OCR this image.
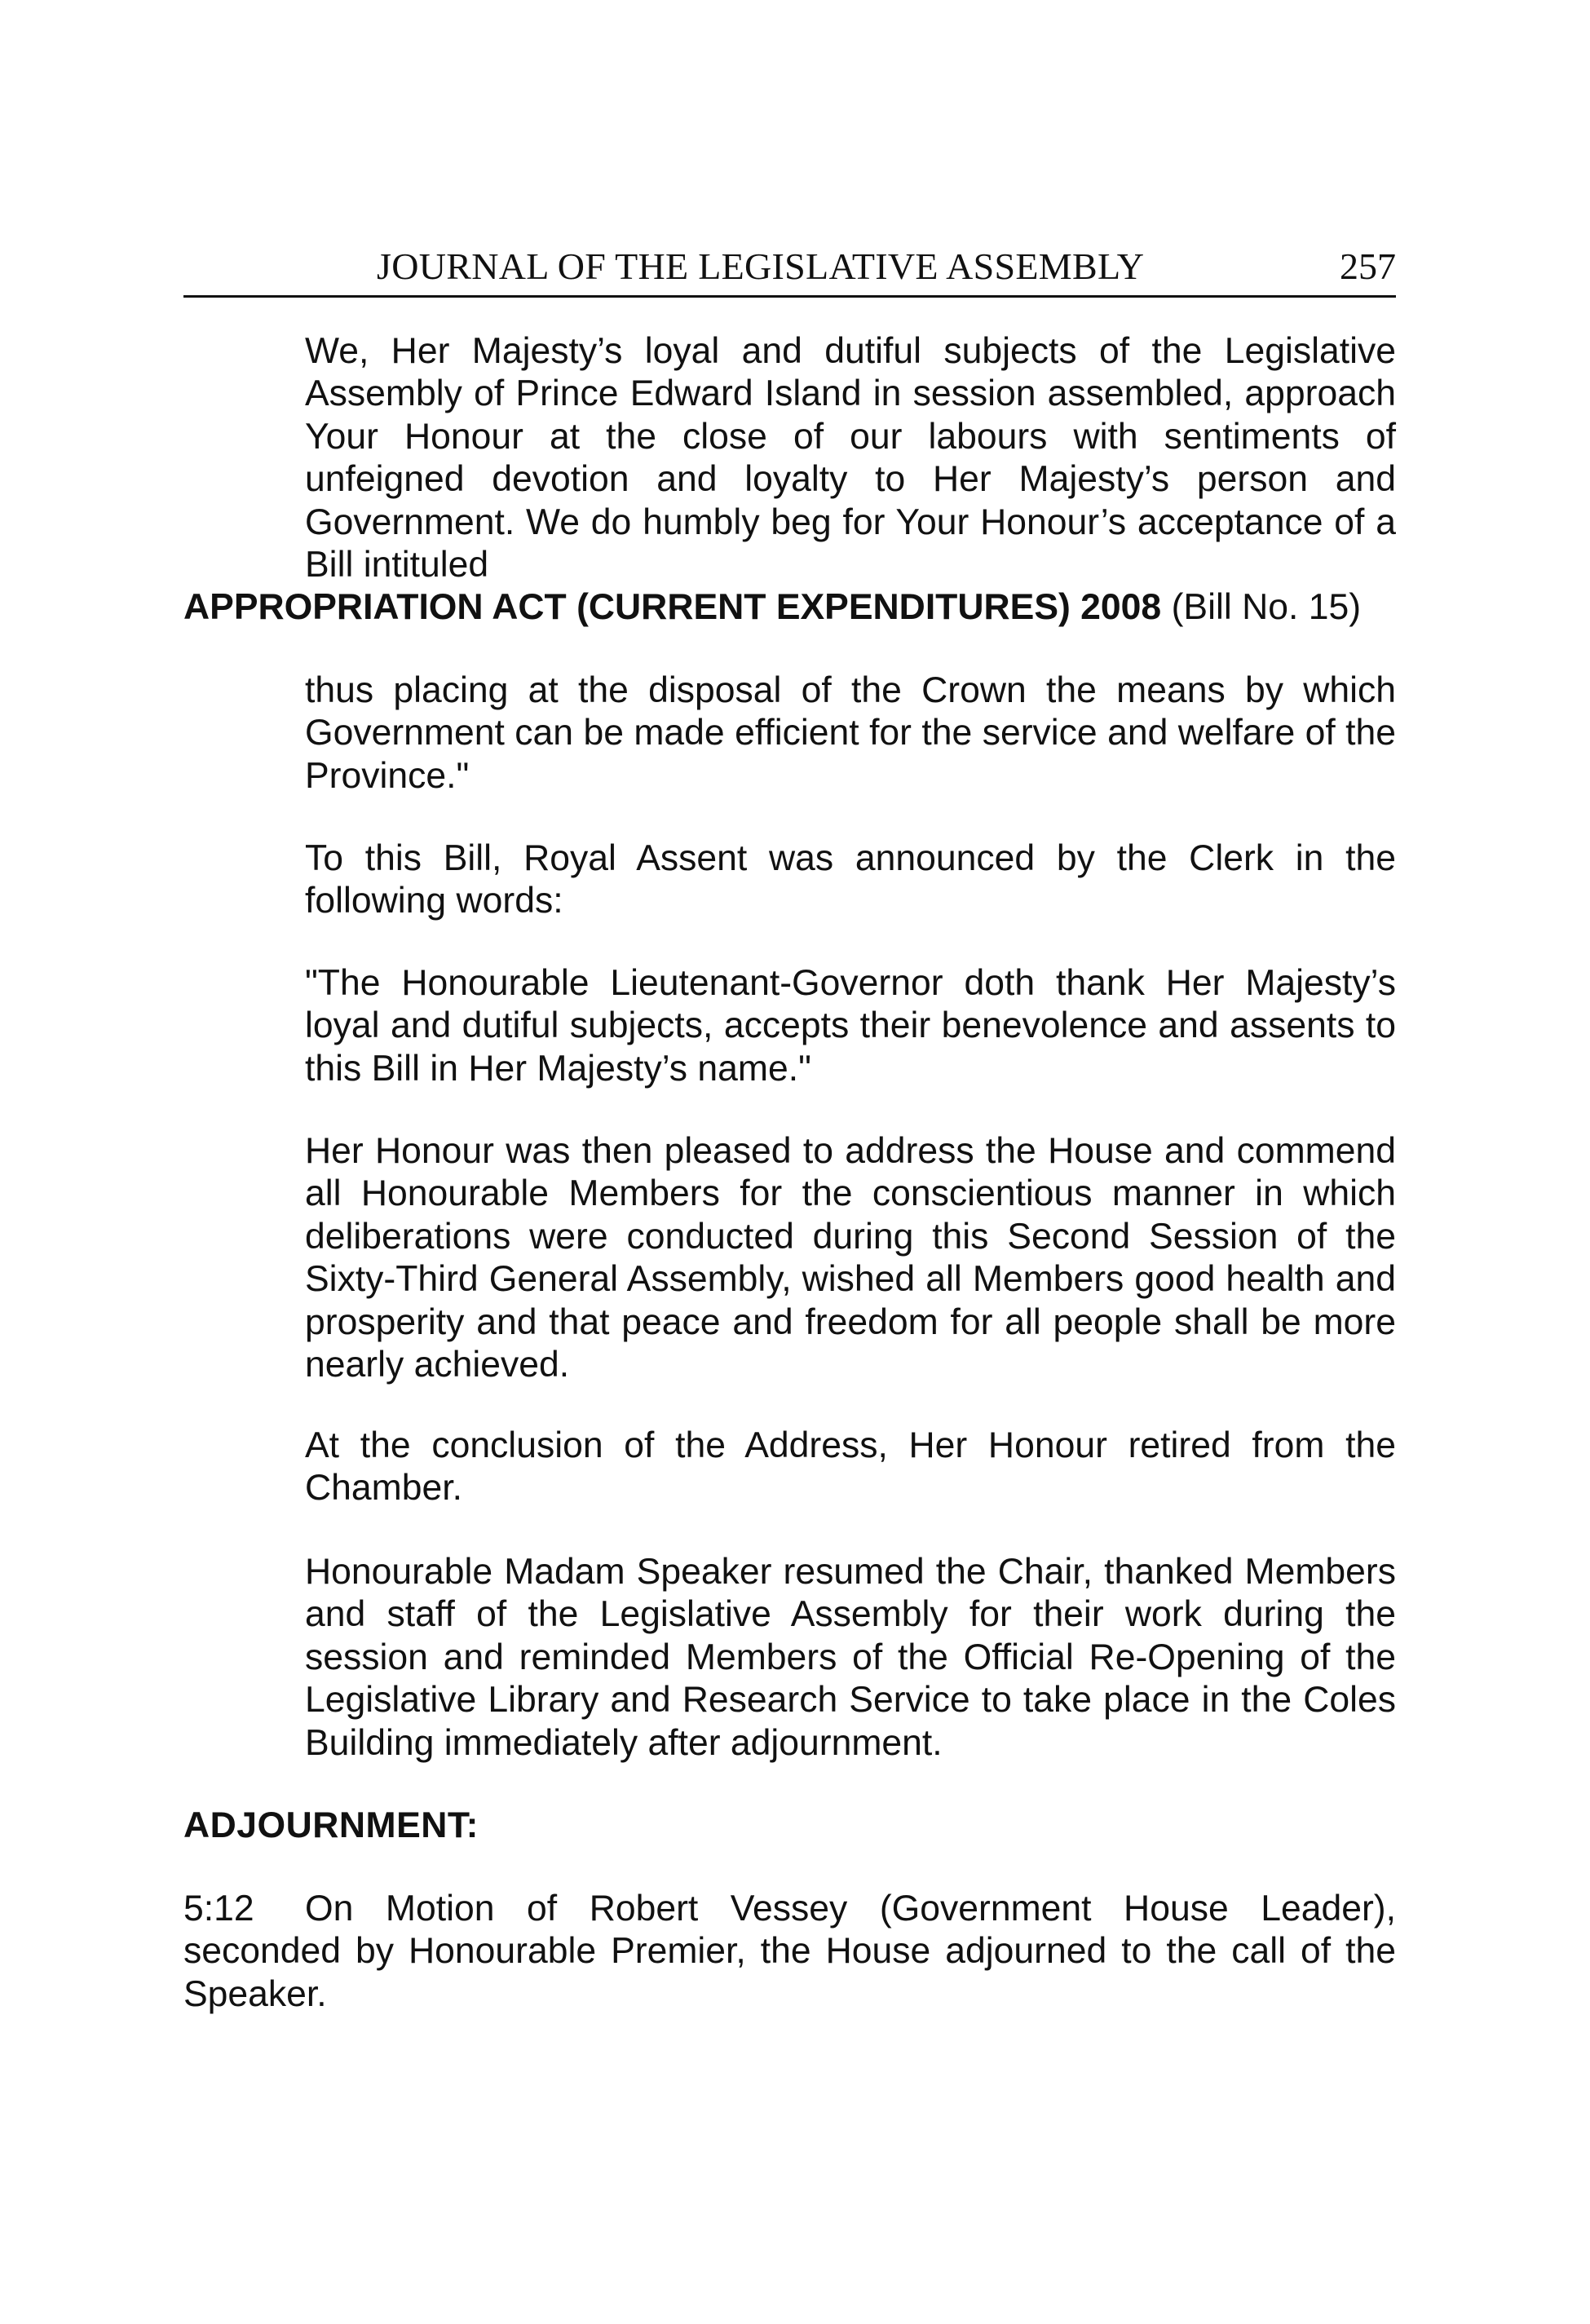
JOURNAL OF THE LEGISLATIVE ASSEMBLY	257

We, Her Majesty’s loyal and dutiful subjects of the Legislative Assembly of Prince Edward Island in session assembled, approach Your Honour at the close of our labours with sentiments of unfeigned devotion and loyalty to Her Majesty’s person and Government. We do humbly beg for Your Honour’s acceptance of a Bill intituled

APPROPRIATION ACT (CURRENT EXPENDITURES) 2008 (Bill No. 15)

thus placing at the disposal of the Crown the means by which Government can be made efficient for the service and welfare of the Province."

To this Bill, Royal Assent was announced by the Clerk in the following words:

"The Honourable Lieutenant-Governor doth thank Her Majesty’s loyal and dutiful subjects, accepts their benevolence and assents to this Bill in Her Majesty’s name."

Her Honour was then pleased to address the House and commend all Honourable Members for the conscientious manner in which deliberations were conducted during this Second Session of the Sixty-Third General Assembly, wished all Members good health and prosperity and that peace and freedom for all people shall be more nearly achieved.

At the conclusion of the Address, Her Honour retired from the Chamber.

Honourable Madam Speaker resumed the Chair, thanked Members and staff of the Legislative Assembly for their work during the session and reminded Members of the Official Re-Opening of the Legislative Library and Research Service to take place in the Coles Building immediately after adjournment.

ADJOURNMENT:

5:12 On Motion of Robert Vessey (Government House Leader), seconded by Honourable Premier, the House adjourned to the call of the Speaker.
